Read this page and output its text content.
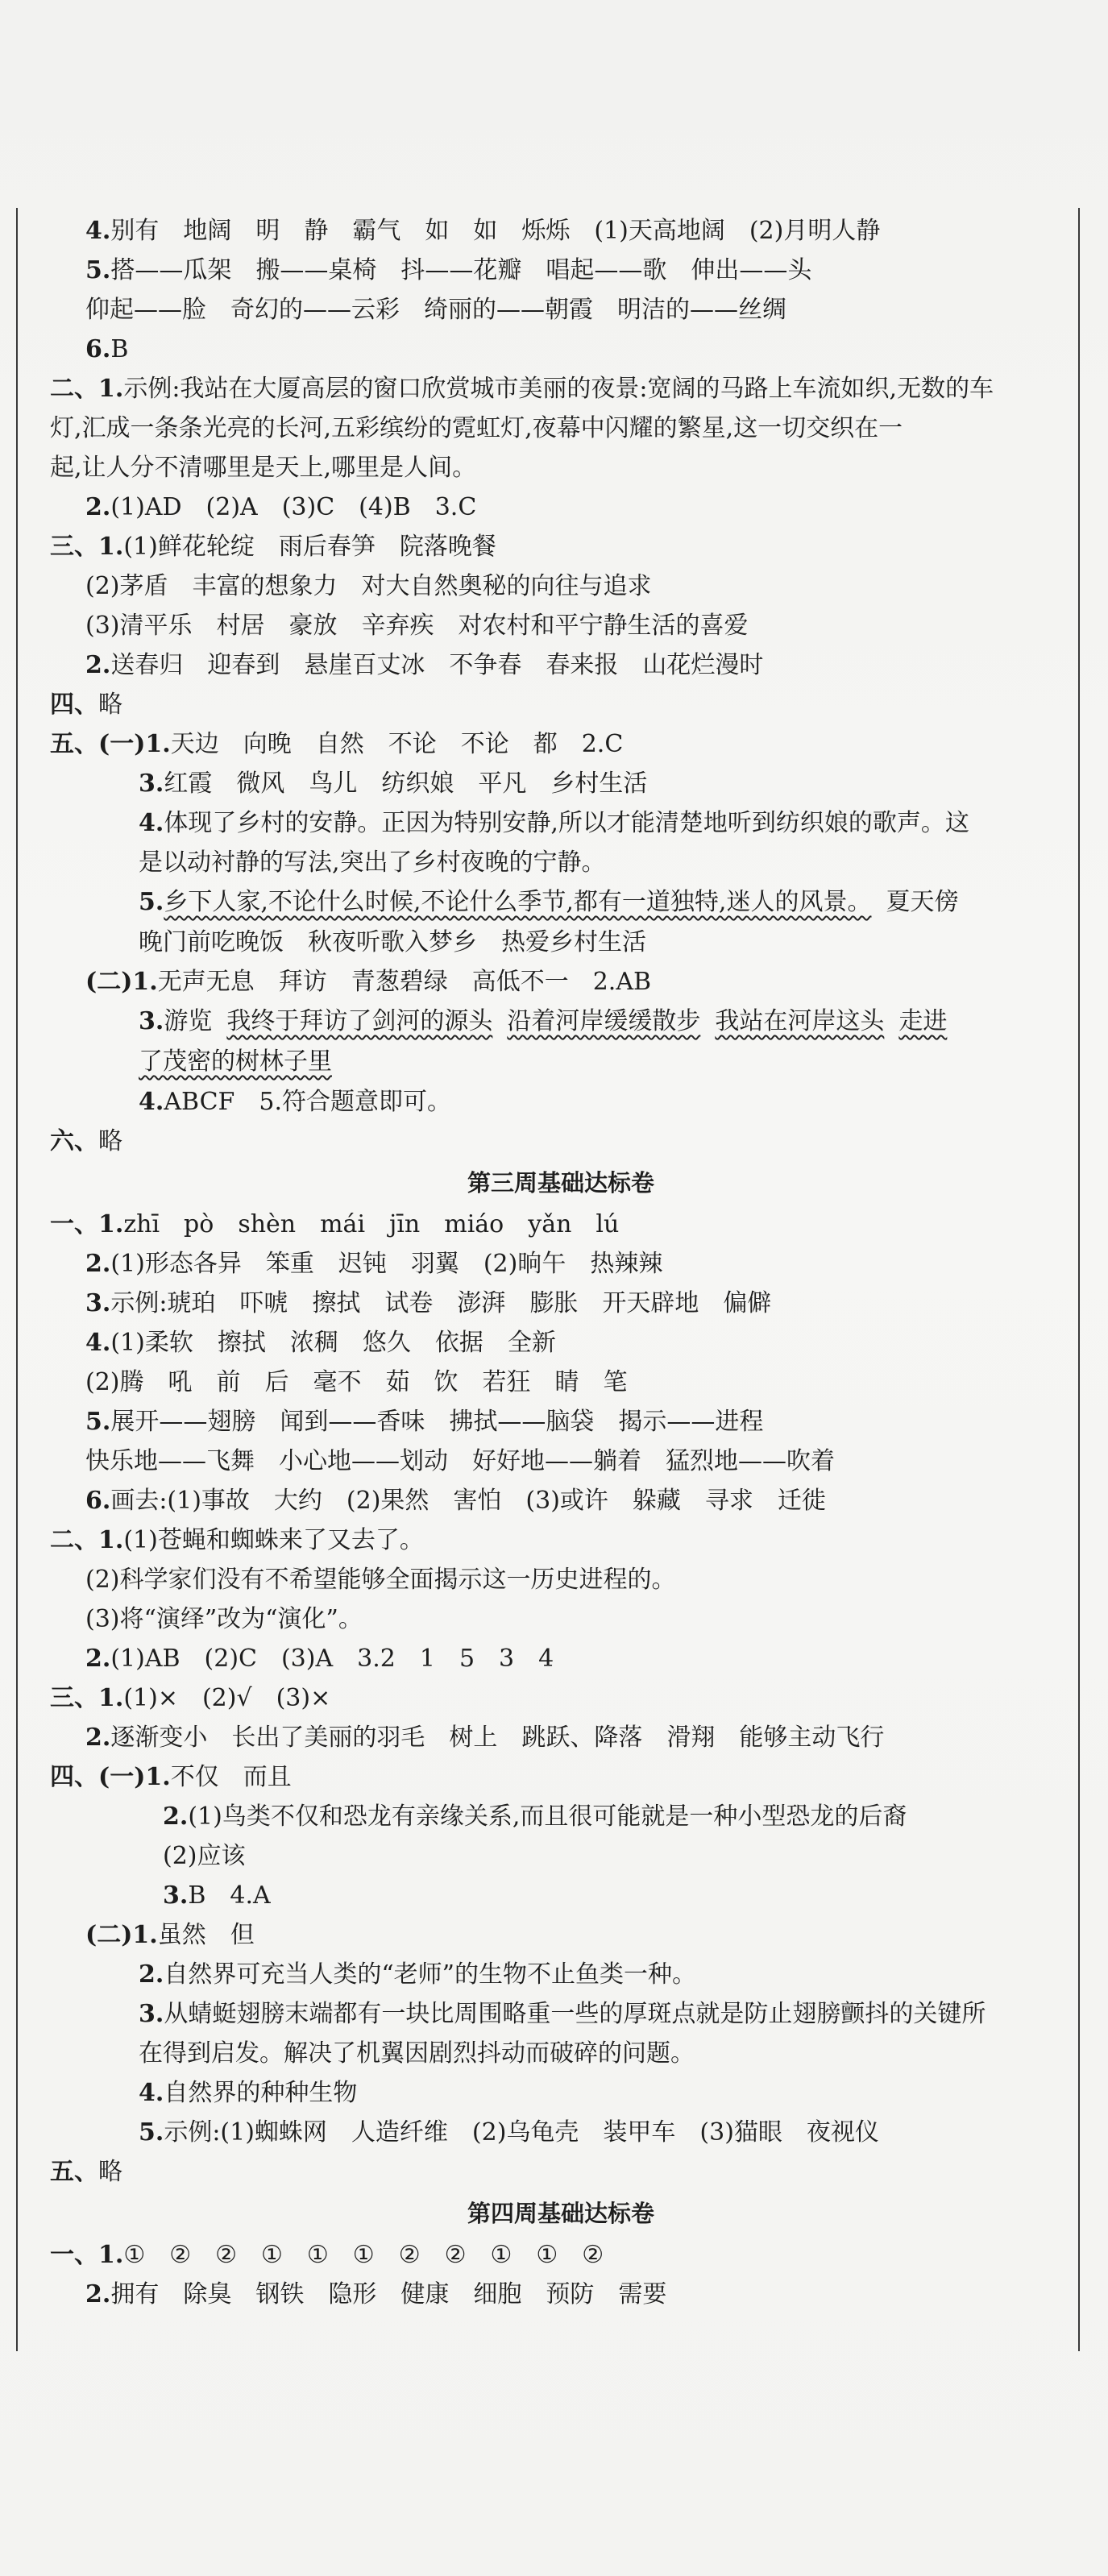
4.别有　地阔　明　静　霸气　如　如　烁烁　(1)天高地阔　(2)月明人静
5.搭——瓜架　搬——桌椅　抖——花瓣　唱起——歌　伸出——头
仰起——脸　奇幻的——云彩　绮丽的——朝霞　明洁的——丝绸
6.B
二、1.示例:我站在大厦高层的窗口欣赏城市美丽的夜景:宽阔的马路上车流如织,无数的车
灯,汇成一条条光亮的长河,五彩缤纷的霓虹灯,夜幕中闪耀的繁星,这一切交织在一
起,让人分不清哪里是天上,哪里是人间。
2.(1)AD　(2)A　(3)C　(4)B　3.C
三、1.(1)鲜花轮绽　雨后春笋　院落晚餐
(2)茅盾　丰富的想象力　对大自然奥秘的向往与追求
(3)清平乐　村居　豪放　辛弃疾　对农村和平宁静生活的喜爱
2.送春归　迎春到　悬崖百丈冰　不争春　春来报　山花烂漫时
四、略
五、(一)1.天边　向晚　自然　不论　不论　都　2.C
3.红霞　微风　鸟儿　纺织娘　平凡　乡村生活
4.体现了乡村的安静。正因为特别安静,所以才能清楚地听到纺织娘的歌声。这
是以动衬静的写法,突出了乡村夜晚的宁静。
5.乡下人家,不论什么时候,不论什么季节,都有一道独特,迷人的风景。 夏天傍
晚门前吃晚饭　秋夜听歌入梦乡　热爱乡村生活
(二)1.无声无息　拜访　青葱碧绿　高低不一　2.AB
3.游览 我终于拜访了剑河的源头 沿着河岸缓缓散步 我站在河岸这头 走进
了茂密的树林子里
4.ABCF　5.符合题意即可。
六、略
第三周基础达标卷
一、1.zhī　pò　shèn　mái　jīn　miáo　yǎn　lú
2.(1)形态各异　笨重　迟钝　羽翼　(2)晌午　热辣辣
3.示例:琥珀　吓唬　擦拭　试卷　澎湃　膨胀　开天辟地　偏僻
4.(1)柔软　擦拭　浓稠　悠久　依据　全新
(2)腾　吼　前　后　毫不　茹　饮　若狂　睛　笔
5.展开——翅膀　闻到——香味　拂拭——脑袋　揭示——进程
快乐地——飞舞　小心地——划动　好好地——躺着　猛烈地——吹着
6.画去:(1)事故　大约　(2)果然　害怕　(3)或许　躲藏　寻求　迁徙
二、1.(1)苍蝇和蜘蛛来了又去了。
(2)科学家们没有不希望能够全面揭示这一历史进程的。
(3)将“演绎”改为“演化”。
2.(1)AB　(2)C　(3)A　3.2　1　5　3　4
三、1.(1)×　(2)√　(3)×
2.逐渐变小　长出了美丽的羽毛　树上　跳跃、降落　滑翔　能够主动飞行
四、(一)1.不仅　而且
2.(1)鸟类不仅和恐龙有亲缘关系,而且很可能就是一种小型恐龙的后裔
(2)应该
3.B　4.A
(二)1.虽然　但
2.自然界可充当人类的“老师”的生物不止鱼类一种。
3.从蜻蜓翅膀末端都有一块比周围略重一些的厚斑点就是防止翅膀颤抖的关键所
在得到启发。解决了机翼因剧烈抖动而破碎的问题。
4.自然界的种种生物
5.示例:(1)蜘蛛网　人造纤维　(2)乌龟壳　装甲车　(3)猫眼　夜视仪
五、略
第四周基础达标卷
一、1.①　②　②　①　①　①　②　②　①　①　②
2.拥有　除臭　钢铁　隐形　健康　细胞　预防　需要
